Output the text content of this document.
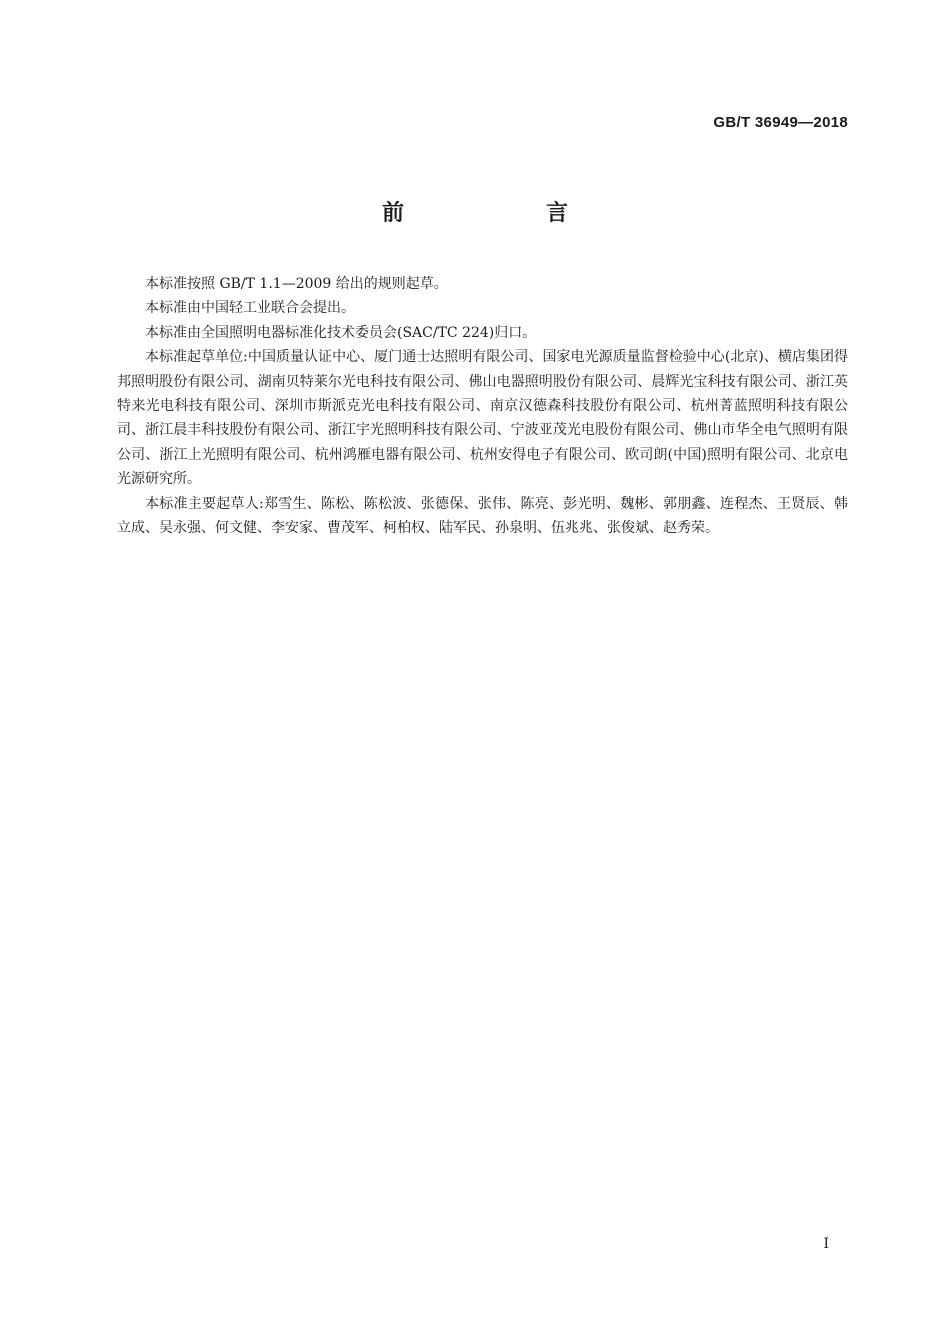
GB/T 36949—2018
前　言

本标准按照 GB/T 1.1—2009 给出的规则起草。

本标准由中国轻工业联合会提出。

本标准由全国照明电器标准化技术委员会(SAC/TC 224)归口。

本标准起草单位:中国质量认证中心、厦门通士达照明有限公司、国家电光源质量监督检验中心(北京)、横店集团得邦照明股份有限公司、湖南贝特莱尔光电科技有限公司、佛山电器照明股份有限公司、晨辉光宝科技有限公司、浙江英特来光电科技有限公司、深圳市斯派克光电科技有限公司、南京汉德森科技股份有限公司、杭州菁蓝照明科技有限公司、浙江晨丰科技股份有限公司、浙江宇光照明科技有限公司、宁波亚茂光电股份有限公司、佛山市华全电气照明有限公司、浙江上光照明有限公司、杭州鸿雁电器有限公司、杭州安得电子有限公司、欧司朗(中国)照明有限公司、北京电光源研究所。

本标准主要起草人:郑雪生、陈松、陈松波、张德保、张伟、陈亮、彭光明、魏彬、郭朋鑫、连程杰、王贤辰、韩立成、吴永强、何文健、李安家、曹茂军、柯柏权、陆军民、孙泉明、伍兆兆、张俊斌、赵秀荣。

I
